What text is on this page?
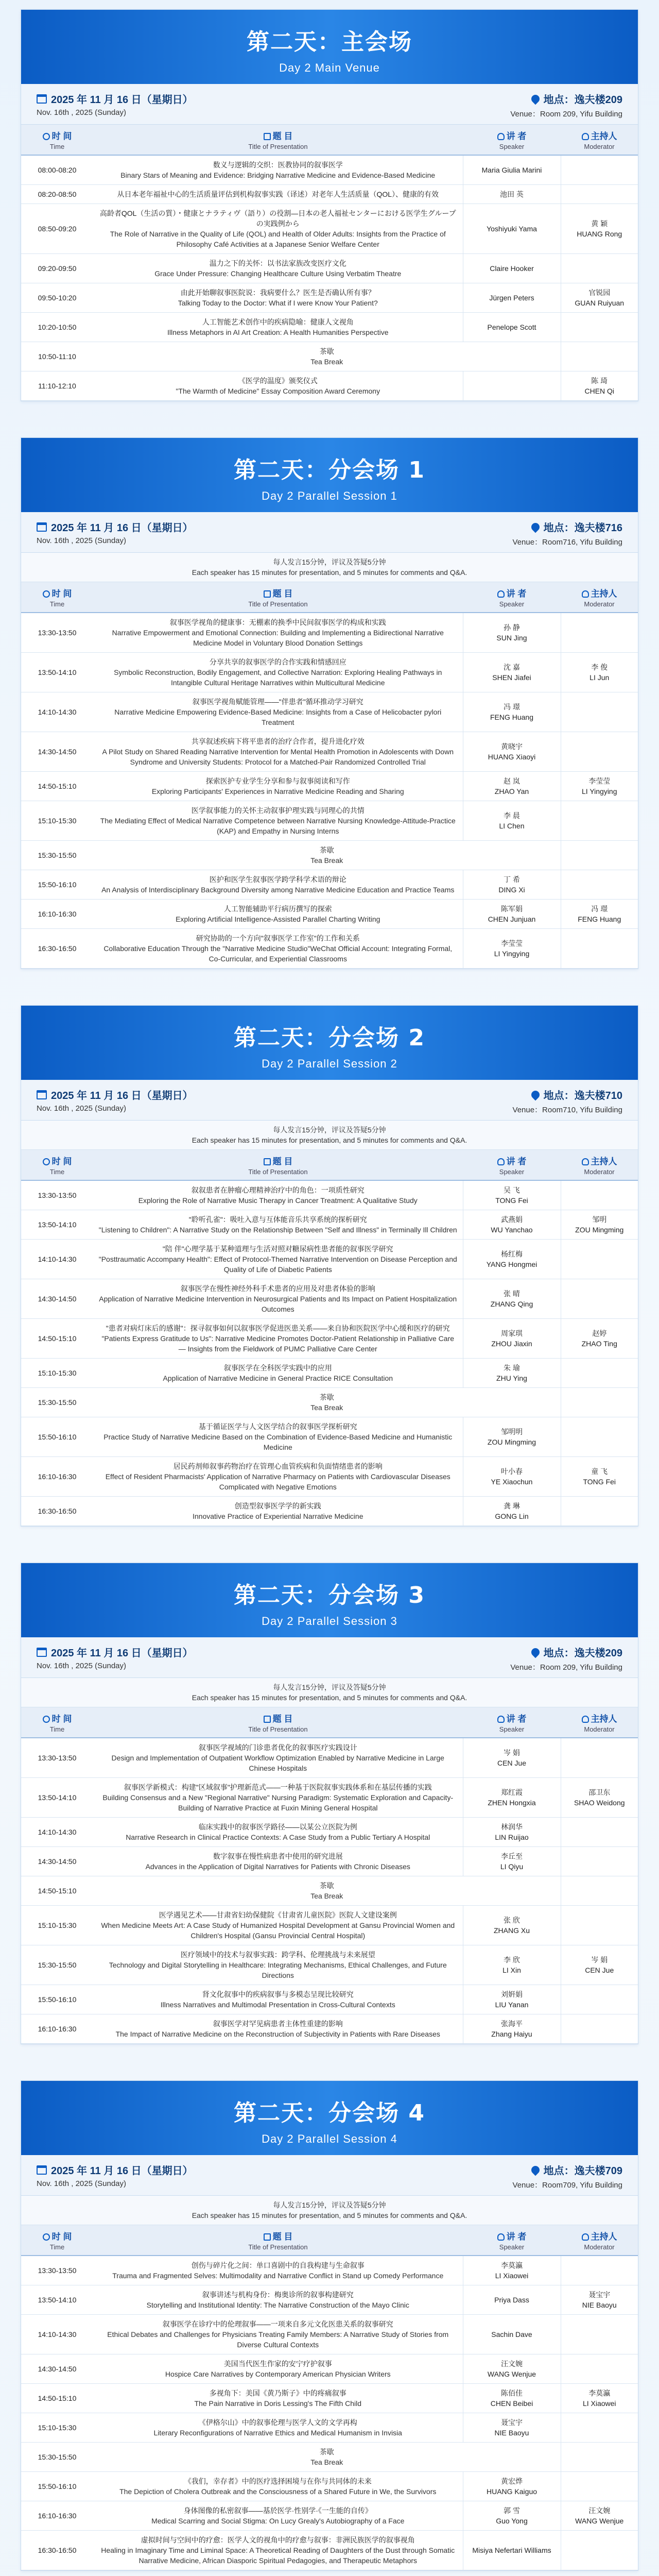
第二天：主会场
Day 2 Main Venue
2025 年 11 月 16 日（星期日）
Nov. 16th , 2025 (Sunday)
地点：逸夫楼209
Venue：Room 209, Yifu Building
时 间
Time	题 目
Title of Presentation	讲 者
Speaker	主持人
Moderator

08:00-08:20	数义与逻辑的交织：医教协同的叙事医学
Binary Stars of Meaning and Evidence: Bridging Narrative Medicine and Evidence-Based Medicine	Maria Giulia Marini	
08:20-08:50	从日本老年福祉中心的生活质量评估到机构叙事实践（译述）对老年人生活质量（QOL）、健康的有效	池田 英	
08:50-09:20	高龄者QOL（生活の質）・健康とナラティヴ（語り）の役割—日本の老人福祉センターにおける医学生グループの実践例から
The Role of Narrative in the Quality of Life (QOL) and Health of Older Adults: Insights from the Practice of Philosophy Café Activities at a Japanese Senior Welfare Center	Yoshiyuki Yama	黄 颖
HUANG Rong
09:20-09:50	温力之下的关怀：以书法家族改变医疗文化
Grace Under Pressure: Changing Healthcare Culture Using Verbatim Theatre	Claire Hooker	
09:50-10:20	由此开始聊叙事医院说：我病要什么？医生是否确认所有事？
Talking Today to the Doctor: What if I were Know Your Patient?	Jürgen Peters	官锐园
GUAN Ruiyuan
10:20-10:50	人工智能艺术创作中的疾病隐喻：健康人文视角
Illness Metaphors in AI Art Creation: A Health Humanities Perspective	Penelope Scott	
10:50-11:10	茶歇
Tea Break		

11:10-12:10	《医学的温度》颁奖仪式
"The Warmth of Medicine" Essay Composition Award Ceremony		陈 琦
CHEN Qi
第二天：分会场 1
Day 2 Parallel Session 1
2025 年 11 月 16 日（星期日）
Nov. 16th , 2025 (Sunday)
地点：逸夫楼716
Venue：Room716, Yifu Building
每人发言15分钟，评议及答疑5分钟
Each speaker has 15 minutes for presentation, and 5 minutes for comments and Q&A.
时 间
Time	题 目
Title of Presentation	讲 者
Speaker	主持人
Moderator

13:30-13:50	叙事医学视角的健康事：无棚素的换季中民间叙事医学的构成和实践
Narrative Empowerment and Emotional Connection: Building and Implementing a Bidirectional Narrative Medicine Model in Voluntary Blood Donation Settings	孙 静
SUN Jing	
13:50-14:10	分享共享的叙事医学的合作实践和情感回应
Symbolic Reconstruction, Bodily Engagement, and Collective Narration: Exploring Healing Pathways in Intangible Cultural Heritage Narratives within Multicultural Medicine	沈 嘉
SHEN Jiafei	李 俊
LI Jun
14:10-14:30	叙事医学视角赋能管理——"伴患者"循环推动学习研究
Narrative Medicine Empowering Evidence-Based Medicine: Insights from a Case of Helicobacter pylori Treatment	冯 璟
FENG Huang	
14:30-14:50	共享叙述疾病下将平患者的治疗合作者，提升进化疗效
A Pilot Study on Shared Reading Narrative Intervention for Mental Health Promotion in Adolescents with Down Syndrome and University Students: Protocol for a Matched-Pair Randomized Controlled Trial	黄晓宇
HUANG Xiaoyi	
14:50-15:10	探索医护专业学生分享和参与叙事阅读和写作
Exploring Participants' Experiences in Narrative Medicine Reading and Sharing	赵 岚
ZHAO Yan	李莹莹
LI Yingying
15:10-15:30	医学叙事能力的关怀主动叙事护理实践与同理心的共情
The Mediating Effect of Medical Narrative Competence between Narrative Nursing Knowledge-Attitude-Practice (KAP) and Empathy in Nursing Interns	李 晨
LI Chen	
15:30-15:50	茶歇
Tea Break		

15:50-16:10	医护和医学生叙事医学跨学科学术语的辩论
An Analysis of Interdisciplinary Background Diversity among Narrative Medicine Education and Practice Teams	丁 希
DING Xi	
16:10-16:30	人工智能辅助平行病历撰写的探索
Exploring Artificial Intelligence-Assisted Parallel Charting Writing	陈军娟
CHEN Junjuan	冯 璟
FENG Huang
16:30-16:50	研究协助的一个方向"叙事医学工作室"的工作和关系
Collaborative Education Through the "Narrative Medicine Studio"WeChat Official Account: Integrating Formal, Co-Curricular, and Experiential Classrooms	李莹莹
LI Yingying	
第二天：分会场 2
Day 2 Parallel Session 2
2025 年 11 月 16 日（星期日）
Nov. 16th , 2025 (Sunday)
地点：逸夫楼710
Venue：Room710, Yifu Building
每人发言15分钟，评议及答疑5分钟
Each speaker has 15 minutes for presentation, and 5 minutes for comments and Q&A.
时 间
Time	题 目
Title of Presentation	讲 者
Speaker	主持人
Moderator

13:30-13:50	叙叙患者在肿瘤心理精神治疗中的角色：一项质性研究
Exploring the Role of Narrative Music Therapy in Cancer Treatment: A Qualitative Study	吴 飞
TONG Fei	
13:50-14:10	"聆听孔雀"：吸吐入意与互体能音乐共享系统的探析研究
"Listening to Children": A Narrative Study on the Relationship Between "Self and Illness" in Terminally Ill Children	武燕娟
WU Yanchao	邹明
ZOU Mingming
14:10-14:30	"陪 伴"心理学基于某种道理与生活对照对糖尿病性患者能的叙事医学研究
"Posttraumatic Accompany Health": Effect of Protocol-Themed Narrative Intervention on Disease Perception and Quality of Life of Diabetic Patients	杨红梅
YANG Hongmei	
14:30-14:50	叙事医学在慢性神经外科手术患者的应用及对患者体验的影响
Application of Narrative Medicine Intervention in Neurosurgical Patients and Its Impact on Patient Hospitalization Outcomes	张 晴
ZHANG Qing	
14:50-15:10	"患者对病灯床后的感谢"：探寻叙事如何以叙事医学促进医患关系——来自协和医院医学中心缓和医疗的研究
"Patients Express Gratitude to Us": Narrative Medicine Promotes Doctor-Patient Relationship in Palliative Care — Insights from the Fieldwork of PUMC Palliative Care Center	周家琪
ZHOU Jiaxin	赵婷
ZHAO Ting
15:10-15:30	叙事医学在全科医学实践中的应用
Application of Narrative Medicine in General Practice RICE Consultation	朱 瑜
ZHU Ying	
15:30-15:50	茶歇
Tea Break		

15:50-16:10	基于循证医学与人文医学结合的叙事医学探析研究
Practice Study of Narrative Medicine Based on the Combination of Evidence-Based Medicine and Humanistic Medicine	邹明明
ZOU Mingming	
16:10-16:30	居民药剂师叙事药物治疗在管理心血管疾病和负面情绪患者的影响
Effect of Resident Pharmacists' Application of Narrative Pharmacy on Patients with Cardiovascular Diseases Complicated with Negative Emotions	叶小春
YE Xiaochun	童 飞
TONG Fei
16:30-16:50	创造型叙事医学学的新实践
Innovative Practice of Experiential Narrative Medicine	龚 琳
GONG Lin	
第二天：分会场 3
Day 2 Parallel Session 3
2025 年 11 月 16 日（星期日）
Nov. 16th , 2025 (Sunday)
地点：逸夫楼209
Venue：Room 209, Yifu Building
每人发言15分钟，评议及答疑5分钟
Each speaker has 15 minutes for presentation, and 5 minutes for comments and Q&A.
时 间
Time	题 目
Title of Presentation	讲 者
Speaker	主持人
Moderator

13:30-13:50	叙事医学视域的门诊患者优化的叙事医疗实践设计
Design and Implementation of Outpatient Workflow Optimization Enabled by Narrative Medicine in Large Chinese Hospitals	岑 娟
CEN Jue	
13:50-14:10	叙事医学新模式：构建"区域叙事"护理新范式——一种基于医院叙事实践体系和在基层传播的实践
Building Consensus and a New "Regional Narrative" Nursing Paradigm: Systematic Exploration and Capacity-Building of Narrative Practice at Fuxin Mining General Hospital	郑红霞
ZHEN Hongxia	邵卫东
SHAO Weidong
14:10-14:30	临床实践中的叙事医学路径——以某公立医院为例
Narrative Research in Clinical Practice Contexts: A Case Study from a Public Tertiary A Hospital	林润华
LIN Ruijao	
14:30-14:50	数字叙事在慢性病患者中使用的研究进展
Advances in the Application of Digital Narratives for Patients with Chronic Diseases	李丘至
LI Qiyu	
14:50-15:10	茶歇
Tea Break		

15:10-15:30	医学遇见艺术——甘肃省妇幼保健院《甘肃省儿童医院》医院人文建设案例
When Medicine Meets Art: A Case Study of Humanized Hospital Development at Gansu Provincial Women and Children's Hospital (Gansu Provincial Central Hospital)	张 欣
ZHANG Xu	
15:30-15:50	医疗领域中的技术与叙事实践：跨学科、伦理挑战与未来展望
Technology and Digital Storytelling in Healthcare: Integrating Mechanisms, Ethical Challenges, and Future Directions	李 欣
LI Xin	岑 娟
CEN Jue
15:50-16:10	肾文化叙事中的疾病叙事与多模态呈现比较研究
Illness Narratives and Multimodal Presentation in Cross-Cultural Contexts	刘姸娟
LIU Yanan	
16:10-16:30	叙事医学对罕见病患者主体性重建的影响
The Impact of Narrative Medicine on the Reconstruction of Subjectivity in Patients with Rare Diseases	张海平
Zhang Haiyu	
第二天：分会场 4
Day 2 Parallel Session 4
2025 年 11 月 16 日（星期日）
Nov. 16th , 2025 (Sunday)
地点：逸夫楼709
Venue：Room709, Yifu Building
每人发言15分钟，评议及答疑5分钟
Each speaker has 15 minutes for presentation, and 5 minutes for comments and Q&A.
时 间
Time	题 目
Title of Presentation	讲 者
Speaker	主持人
Moderator

13:30-13:50	创伤与碎片化之间：单口喜剧中的自我构建与生命叙事
Trauma and Fragmented Selves: Multimodality and Narrative Conflict in Stand up Comedy Performance	李莫瀛
LI Xiaowei	
13:50-14:10	叙事讲述与机构身份：梅奥诊所的叙事构建研究
Storytelling and Institutional Identity: The Narrative Construction of the Mayo Clinic	Priya Dass	聂宝宇
NIE Baoyu
14:10-14:30	叙事医学在诊疗中的伦理叙事——一项来自多元文化医患关系的叙事研究
Ethical Debates and Challenges for Physicians Treating Family Members: A Narrative Study of Stories from Diverse Cultural Contexts	Sachin Dave	
14:30-14:50	美国当代医生作家的安宁疗护叙事
Hospice Care Narratives by Contemporary American Physician Writers	汪文婉
WANG Wenjue	
14:50-15:10	多视角下：美国《黄乃斯子》中的疼痛叙事
The Pain Narrative in Doris Lessing's The Fifth Child	陈佰佳
CHEN Beibei	李莫瀛
LI Xiaowei
15:10-15:30	《伊格尔山》中的叙事伦理与医学人文的文学再构
Literary Reconfigurations of Narrative Ethics and Medical Humanism in Invisia	聂宝宇
NIE Baoyu	
15:30-15:50	茶歇
Tea Break		

15:50-16:10	《我们，幸存者》中的医疗选择困境与在你与共同体的未来
The Depiction of Cholera Outbreak and the Consciousness of a Shared Future in We, the Survivors	黄宏烨
HUANG Kaiguo	
16:10-16:30	身体图像的私密叙事——基於医学·性别学·《一生能的自传》
Medical Scarring and Social Stigma: On Lucy Grealy's Autobiography of a Face	郭 雪
Guo Yong	汪文婉
WANG Wenjue
16:30-16:50	虚拟时间与空间中的疗愈：医学人文的视角中的疗愈与叙事：非洲民族医学的叙事视角
Healing in Imaginary Time and Liminal Space: A Theoretical Reading of Daughters of the Dust through Somatic Narrative Medicine, African Diasporic Spiritual Pedagogies, and Therapeutic Metaphors	Misiya Nefertari Williams	
